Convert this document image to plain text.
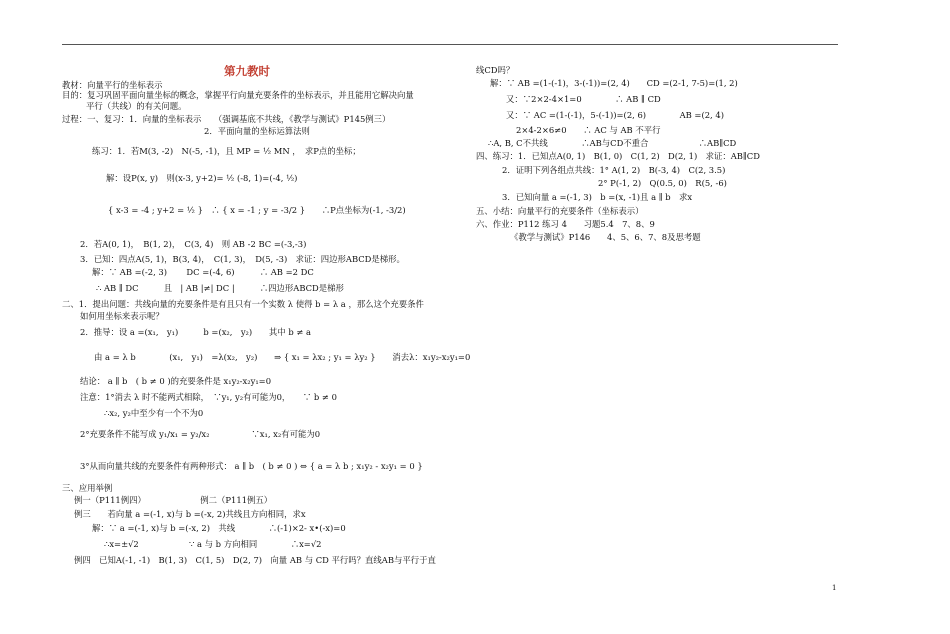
第九教时
教材：向量平行的坐标表示
目的：复习巩固平面向量坐标的概念，掌握平行向量充要条件的坐标表示，并且能用它解决向量
平行（共线）的有关问题。
过程：一、复习：1．向量的坐标表示　　（强调基底不共线，《教学与测试》P145例三）
2．平面向量的坐标运算法则
练习：1．若M(3, -2)　N(-5, -1)，且 MP = ½ MN ，　求P点的坐标；
解：设P(x, y)　则(x-3, y+2)= ½ (-8, 1)=(-4, ½)
{ x-3 = -4 ; y+2 = ½ }　∴ { x = -1 ; y = -3/2 }　　∴P点坐标为(-1, -3/2)
2．若A(0, 1)，　B(1, 2)，　C(3, 4)　则 AB -2 BC =(-3,-3)
3．已知：四点A(5, 1)，B(3, 4)，　C(1, 3)，　D(5, -3)　求证：四边形ABCD是梯形。
解：∵ AB =(-2, 3)　　 DC =(-4, 6)　　　∴ AB =2 DC
∴ AB ∥ DC　　　且　| AB |≠| DC |　　　∴四边形ABCD是梯形
二、1．提出问题：共线向量的充要条件是有且只有一个实数 λ 使得 b = λ a ，那么这个充要条件
如何用坐标来表示呢？
2．推导：设 a =(x₁,　y₁)　　　b =(x₂,　y₂)　　其中 b ≠ a
由 a = λ b　　　　(x₁,　y₁)　=λ(x₂,　y₂)　　⇒ { x₁ = λx₂ ; y₁ = λy₂ }　　消去λ：x₁y₂-x₂y₁=0
结论： a ∥ b　( b ≠ 0 )的充要条件是 x₁y₂-x₂y₁=0
注意：1°消去 λ 时不能两式相除，　∵y₁, y₂有可能为0，　　∵ b ≠ 0
∴x₂, y₂中至少有一个不为0
2°充要条件不能写成 y₁/x₁ = y₂/x₂　　　　　∵x₁, x₂有可能为0
3°从而向量共线的充要条件有两种形式： a ∥ b　( b ≠ 0 ) ⇔ { a = λ b ; x₁y₂ - x₂y₁ = 0 }
三、应用举例
例一（P111例四）　　　　　　　例二（P111例五）
例三　　若向量 a =(-1, x)与 b =(-x, 2)共线且方向相同，求x
解：∵ a =(-1, x)与 b =(-x, 2)　共线　　　　∴(-1)×2- x•(-x)=0
∴x=±√2　　　　　　∵ a 与 b 方向相同　　　　∴x=√2
例四　已知A(-1, -1)　B(1, 3)　C(1, 5)　D(2, 7)　向量 AB 与 CD 平行吗？直线AB与平行于直
线CD吗？
解：∵ AB =(1-(-1)，3-(-1))=(2, 4)　　CD =(2-1, 7-5)=(1, 2)
又：∵2×2-4×1=0　　　　∴ AB ∥ CD
又：∵ AC =(1-(-1)，5-(-1))=(2, 6)　　　　AB =(2, 4)
2×4-2×6≠0　　∴ AC 与 AB 不平行
∴A, B, C不共线　　　　∴AB与CD不重合　　　　　　∴AB∥CD
四、练习：1．已知点A(0, 1)　B(1, 0)　C(1, 2)　D(2, 1)　求证：AB∥CD
2．证明下列各组点共线：1° A(1, 2)　B(-3, 4)　C(2, 3.5)
2° P(-1, 2)　Q(0.5, 0)　R(5, -6)
3．已知向量 a =(-1, 3)　b =(x, -1)且 a ∥ b　求x
五、小结：向量平行的充要条件（坐标表示）
六、作业：P112 练习 4　　习题5.4　7、8、9
《教学与测试》P146　　4、5、6、7、8及思考题
1
